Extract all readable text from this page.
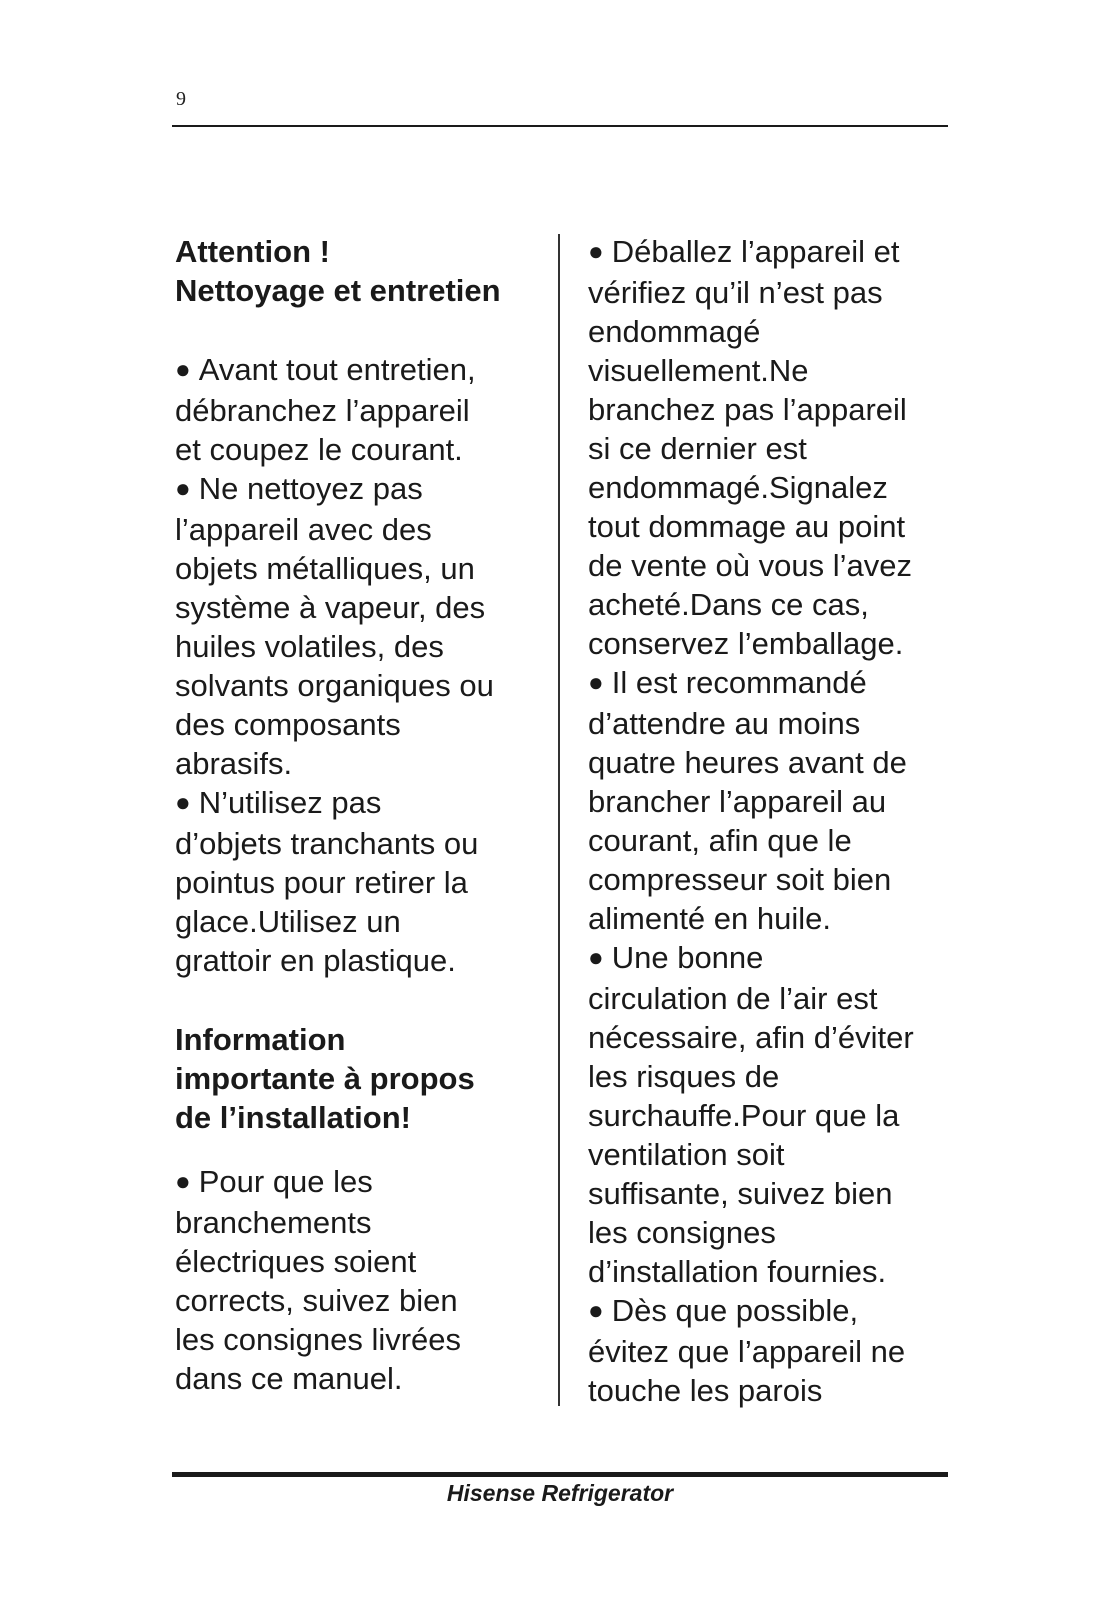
9
Attention !
Nettoyage et entretien
● Avant tout entretien,
débranchez l’appareil
et coupez le courant.
● Ne nettoyez pas
l’appareil avec des
objets métalliques, un
système à vapeur, des
huiles volatiles, des
solvants organiques ou
des composants
abrasifs.
● N’utilisez pas
d’objets tranchants ou
pointus pour retirer la
glace.Utilisez un
grattoir en plastique.
Information
importante à propos
de l’installation!
● Pour que les
branchements
électriques soient
corrects, suivez bien
les consignes livrées
dans ce manuel.
● Déballez l’appareil et
vérifiez qu’il n’est pas
endommagé
visuellement.Ne
branchez pas l’appareil
si ce dernier est
endommagé.Signalez
tout dommage au point
de vente où vous l’avez
acheté.Dans ce cas,
conservez l’emballage.
● Il est recommandé
d’attendre au moins
quatre heures avant de
brancher l’appareil au
courant, afin que le
compresseur soit bien
alimenté en huile.
● Une bonne
circulation de l’air est
nécessaire, afin d’éviter
les risques de
surchauffe.Pour que la
ventilation soit
suffisante, suivez bien
les consignes
d’installation fournies.
● Dès que possible,
évitez que l’appareil ne
touche les parois
Hisense Refrigerator
